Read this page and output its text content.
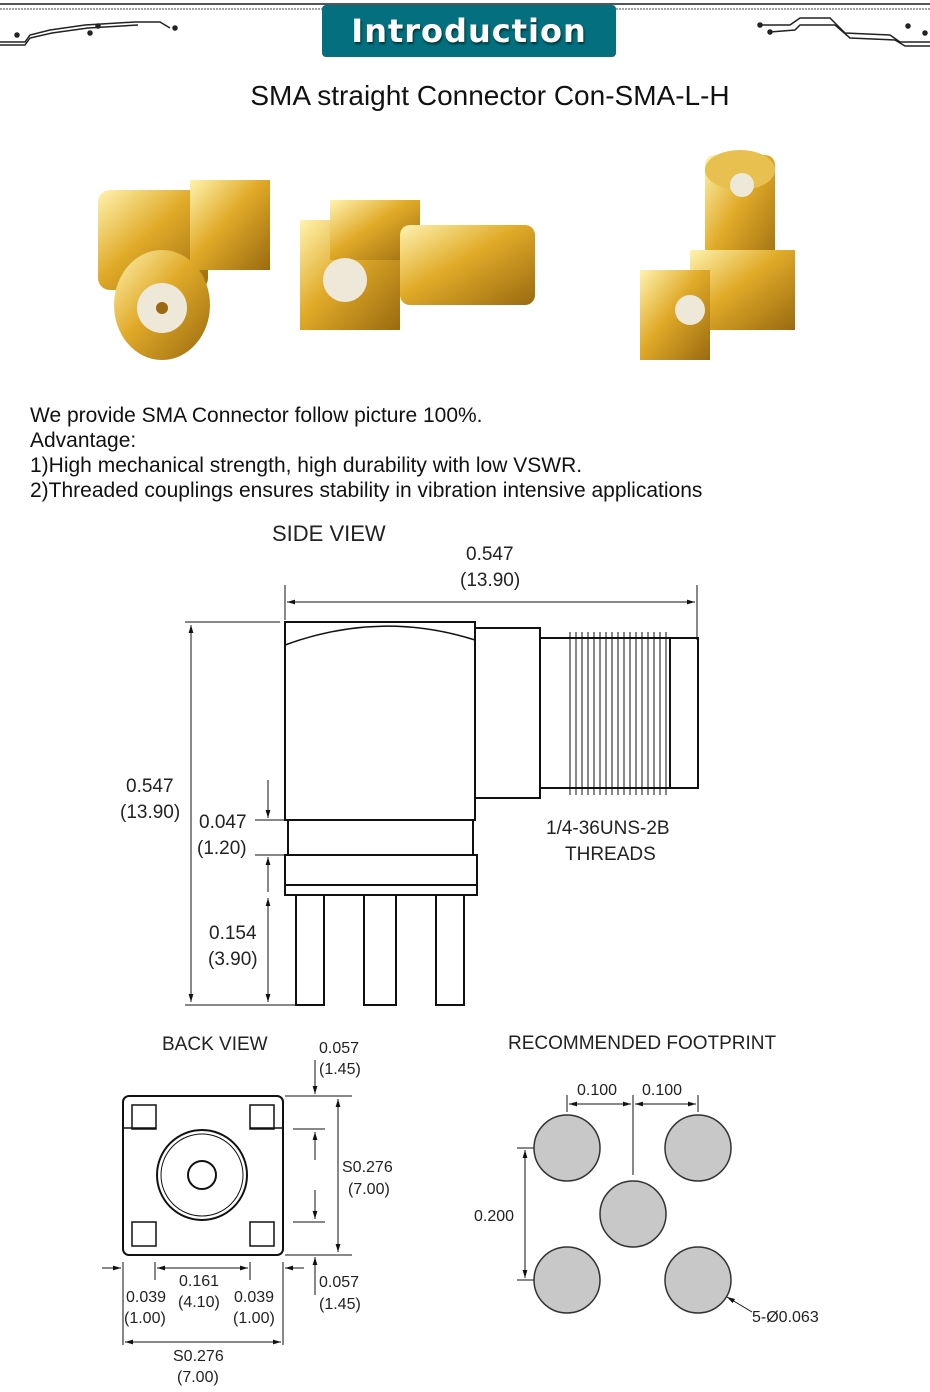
Introduction
SMA straight Connector Con-SMA-L-H
We provide SMA Connector follow picture 100%.
Advantage:
1)High mechanical strength, high durability with low VSWR.
2)Threaded couplings ensures stability in vibration intensive applications
SIDE VIEW
0.547
(13.90)
0.547
(13.90) 0.047
(1.20)
0.154
(3.90)
1/4-36UNS-2B
THREADS
BACK VIEW	0.057
(1.45)
S0.276
(7.00)
0.057
(1.45)
0.039
(1.00)
0.161
(4.10) 0.039
(1.00)
S0.276
(7.00)
RECOMMENDED FOOTPRINT
0.100 0.100
0.200
5-Ø0.063
